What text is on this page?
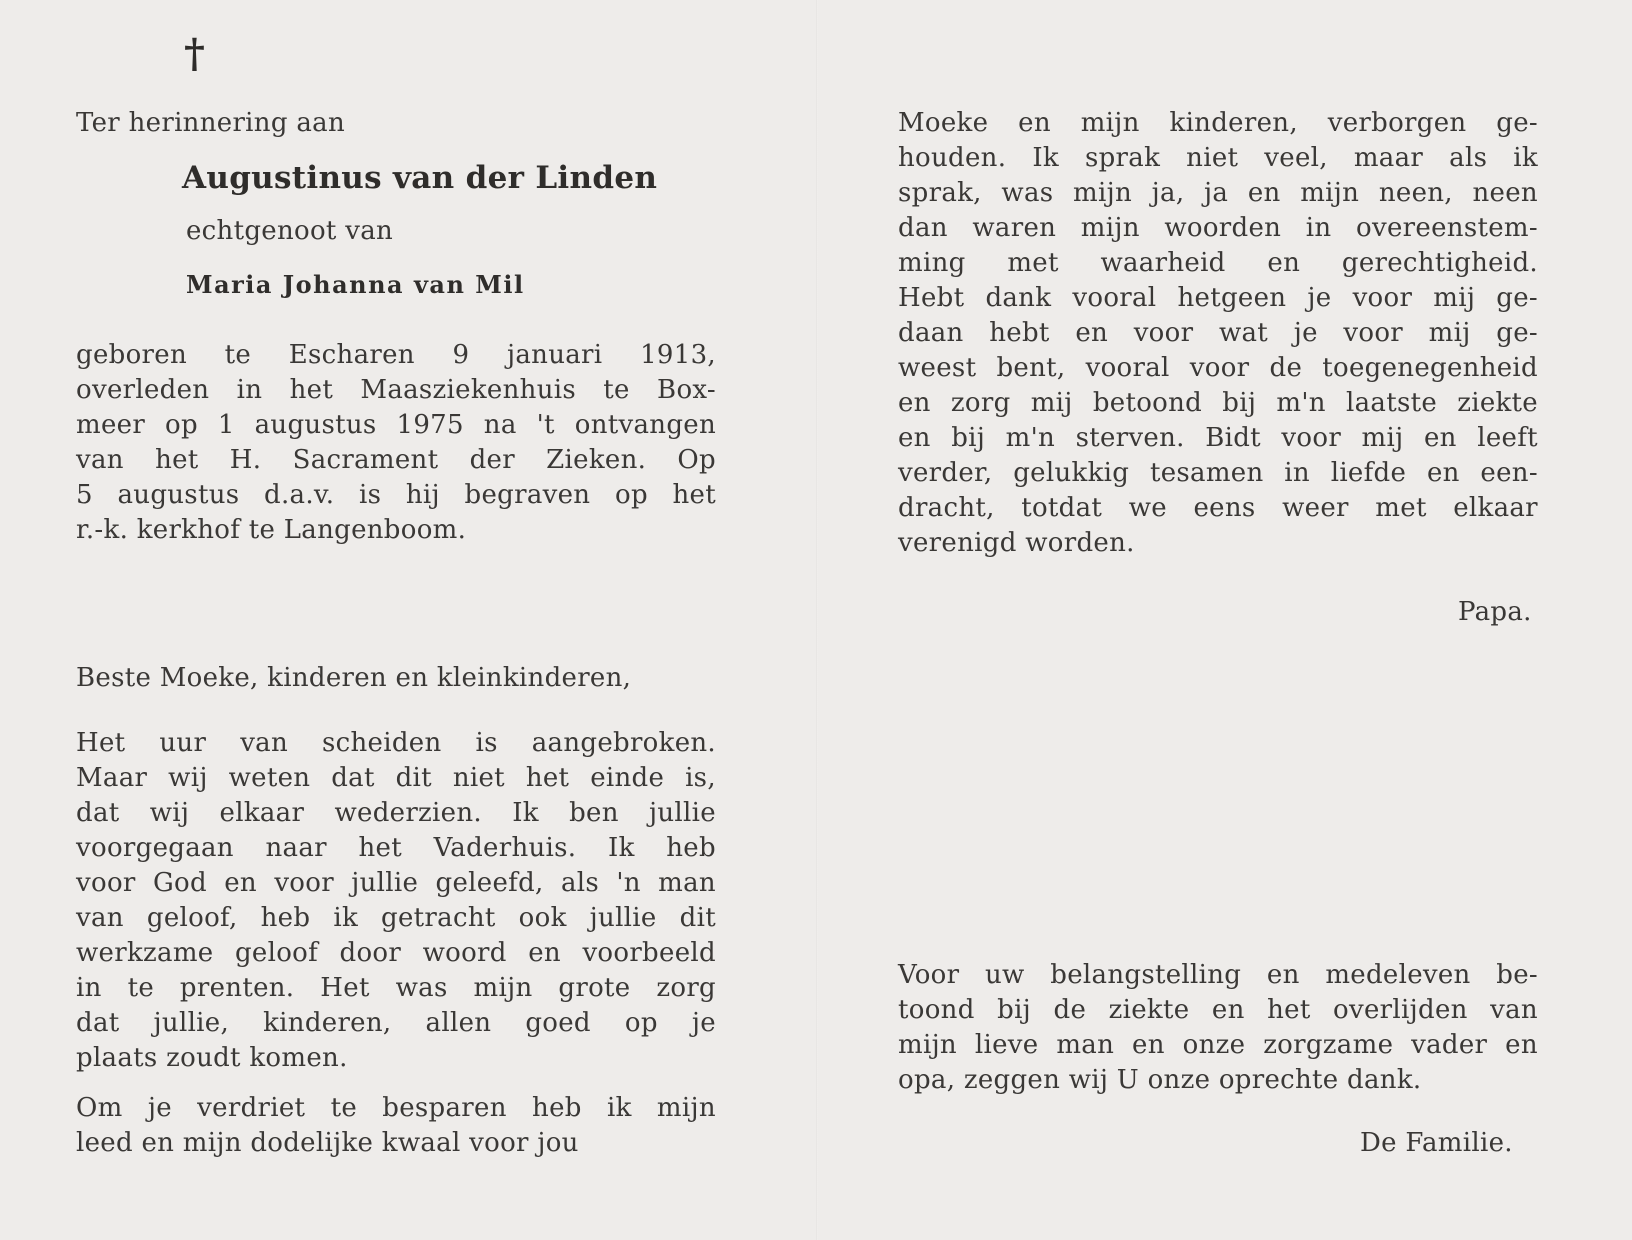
†
Ter herinnering aan
Augustinus van der Linden
echtgenoot van
Maria Johanna van Mil
geboren te Escharen 9 januari 1913,
overleden in het Maasziekenhuis te Box-
meer op 1 augustus 1975 na 't ontvangen
van het H. Sacrament der Zieken. Op
5 augustus d.a.v. is hij begraven op het
r.-k. kerkhof te Langenboom.
Beste Moeke, kinderen en kleinkinderen,
Het uur van scheiden is aangebroken.
Maar wij weten dat dit niet het einde is,
dat wij elkaar wederzien. Ik ben jullie
voorgegaan naar het Vaderhuis. Ik heb
voor God en voor jullie geleefd, als 'n man
van geloof, heb ik getracht ook jullie dit
werkzame geloof door woord en voorbeeld
in te prenten. Het was mijn grote zorg
dat jullie, kinderen, allen goed op je
plaats zoudt komen.
Om je verdriet te besparen heb ik mijn
leed en mijn dodelijke kwaal voor jou
Moeke en mijn kinderen, verborgen ge-
houden. Ik sprak niet veel, maar als ik
sprak, was mijn ja, ja en mijn neen, neen
dan waren mijn woorden in overeenstem-
ming met waarheid en gerechtigheid.
Hebt dank vooral hetgeen je voor mij ge-
daan hebt en voor wat je voor mij ge-
weest bent, vooral voor de toegenegenheid
en zorg mij betoond bij m'n laatste ziekte
en bij m'n sterven. Bidt voor mij en leeft
verder, gelukkig tesamen in liefde en een-
dracht, totdat we eens weer met elkaar
verenigd worden.
Papa.
Voor uw belangstelling en medeleven be-
toond bij de ziekte en het overlijden van
mijn lieve man en onze zorgzame vader en
opa, zeggen wij U onze oprechte dank.
De Familie.
